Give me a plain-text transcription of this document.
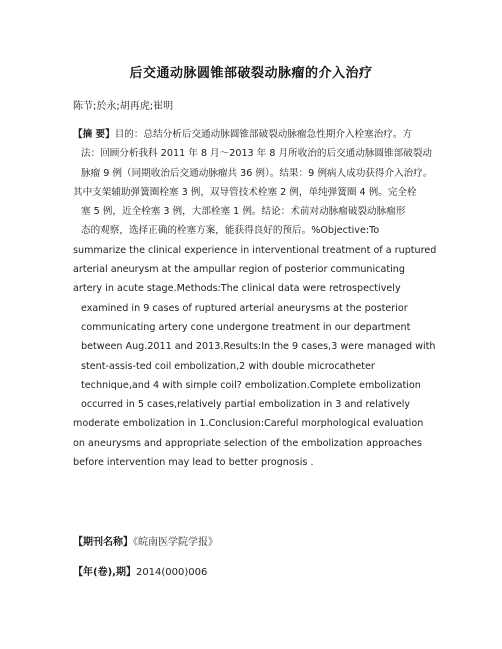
后交通动脉圆锥部破裂动脉瘤的介入治疗
陈节;於永;胡再虎;崔明
【摘 要】目的：总结分析后交通动脉圆锥部破裂动脉瘤急性期介入栓塞治疗。方
法：回顾分析我科 2011 年 8 月～2013 年 8 月所收治的后交通动脉圆锥部破裂动
脉瘤 9 例（同期收治后交通动脉瘤共 36 例）。结果：9 例病人成功获得介入治疗。
其中支架辅助弹簧圈栓塞 3 例，双导管技术栓塞 2 例，单纯弹簧圈 4 例。完全栓
塞 5 例，近全栓塞 3 例，大部栓塞 1 例。结论：术前对动脉瘤破裂动脉瘤形
态的观察，选择正确的栓塞方案，能获得良好的预后。%Objective:To
summarize the clinical experience in interventional treatment of a ruptured
arterial aneurysm at the ampullar region of posterior communicating
artery in acute stage.Methods:The clinical data were retrospectively
examined in 9 cases of ruptured arterial aneurysms at the posterior
communicating artery cone undergone treatment in our department
between Aug.2011 and 2013.Results:In the 9 cases,3 were managed with
stent-assis-ted coil embolization,2 with double microcatheter
technique,and 4 with simple coil? embolization.Complete embolization
occurred in 5 cases,relatively partial embolization in 3 and relatively
moderate embolization in 1.Conclusion:Careful morphological evaluation
on aneurysms and appropriate selection of the embolization approaches
before intervention may lead to better prognosis .
【期刊名称】《皖南医学院学报》
【年(卷),期】2014(000)006
